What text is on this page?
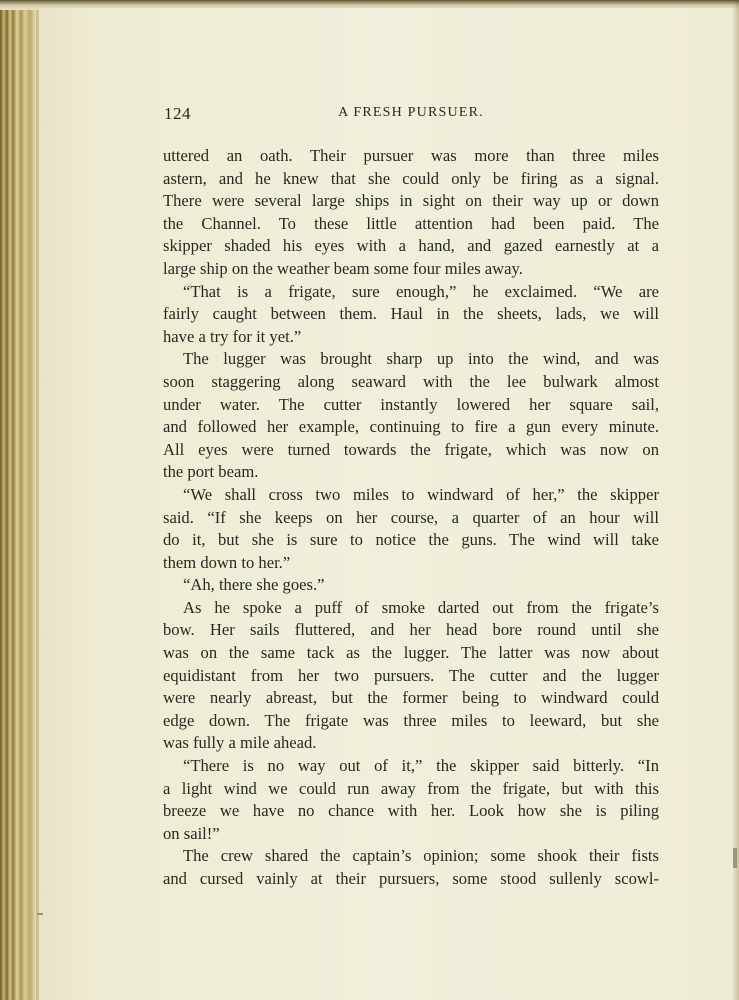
124	A FRESH PURSUER.
uttered an oath. Their pursuer was more than three miles
astern, and he knew that she could only be firing as a signal.
There were several large ships in sight on their way up or down
the Channel. To these little attention had been paid. The
skipper shaded his eyes with a hand, and gazed earnestly at a
large ship on the weather beam some four miles away.
“That is a frigate, sure enough,” he exclaimed. “We are
fairly caught between them. Haul in the sheets, lads, we will
have a try for it yet.”
The lugger was brought sharp up into the wind, and was
soon staggering along seaward with the lee bulwark almost
under water. The cutter instantly lowered her square sail,
and followed her example, continuing to fire a gun every minute.
All eyes were turned towards the frigate, which was now on
the port beam.
“We shall cross two miles to windward of her,” the skipper
said. “If she keeps on her course, a quarter of an hour will
do it, but she is sure to notice the guns. The wind will take
them down to her.”
“Ah, there she goes.”
As he spoke a puff of smoke darted out from the frigate’s
bow. Her sails fluttered, and her head bore round until she
was on the same tack as the lugger. The latter was now about
equidistant from her two pursuers. The cutter and the lugger
were nearly abreast, but the former being to windward could
edge down. The frigate was three miles to leeward, but she
was fully a mile ahead.
“There is no way out of it,” the skipper said bitterly. “In
a light wind we could run away from the frigate, but with this
breeze we have no chance with her. Look how she is piling
on sail!”
The crew shared the captain’s opinion; some shook their fists
and cursed vainly at their pursuers, some stood sullenly scowl-
